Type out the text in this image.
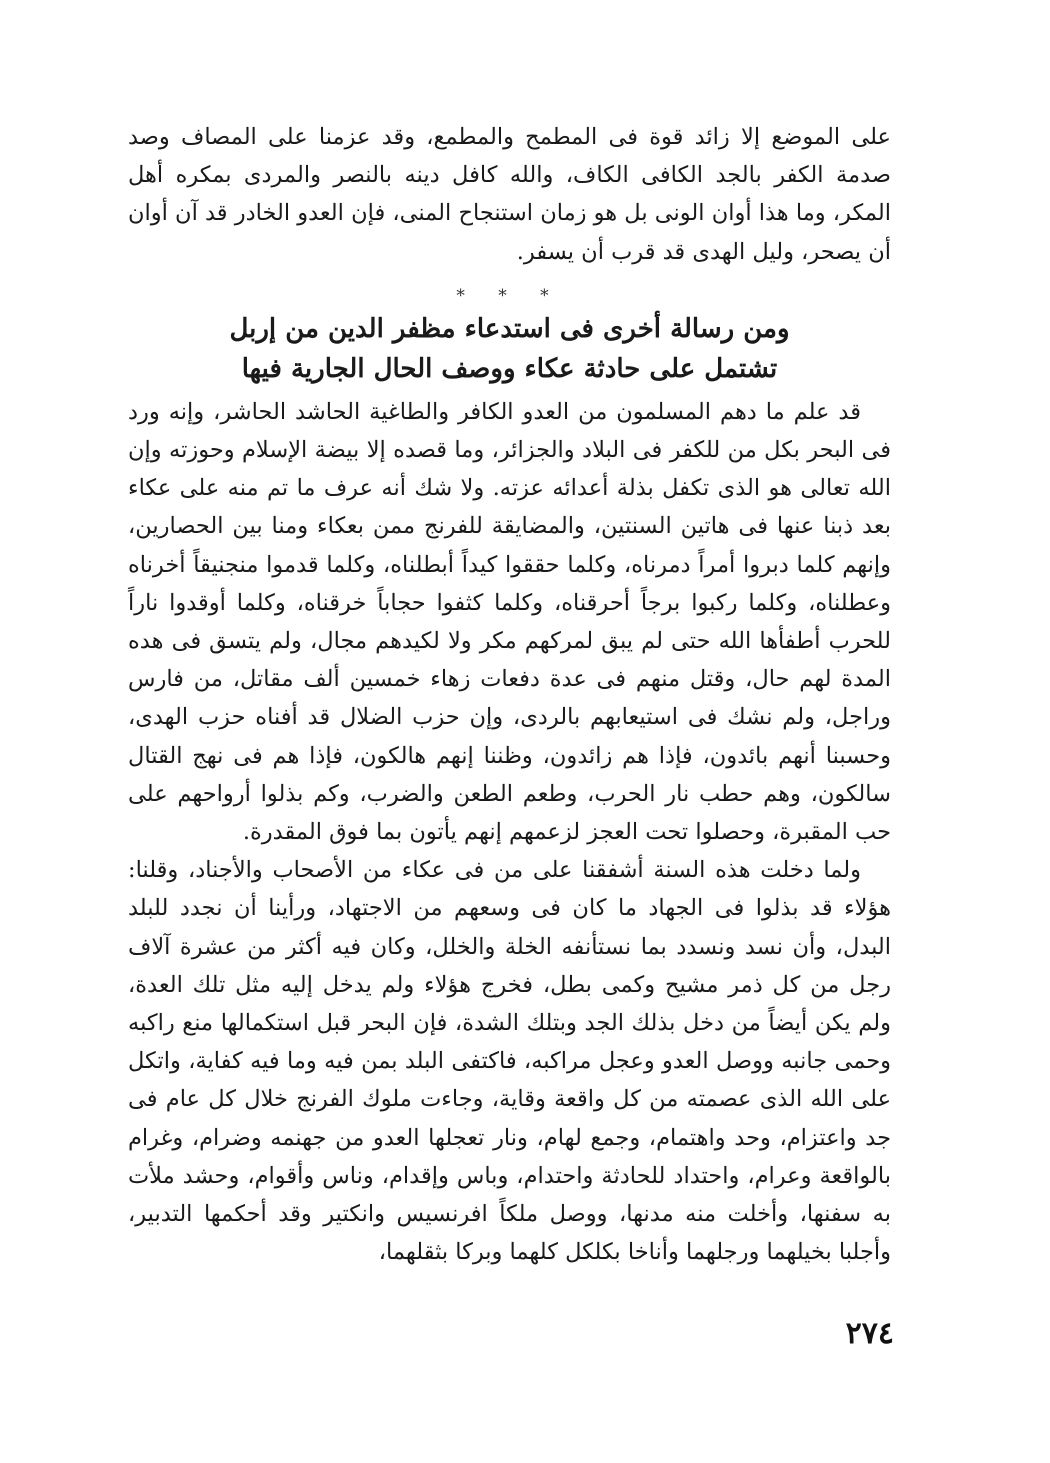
على الموضع إلا زائد قوة فى المطمح والمطمع، وقد عزمنا على المصاف وصد صدمة الكفر بالجد الكافى الكاف، والله كافل دينه بالنصر والمردى بمكره أهل المكر، وما هذا أوان الونى بل هو زمان استنجاح المنى، فإن العدو الخادر قد آن أوان أن يصحر، وليل الهدى قد قرب أن يسفر.

* * *
ومن رسالة أخرى فى استدعاء مظفر الدين من إربل
تشتمل على حادثة عكاء ووصف الحال الجارية فيها

قد علم ما دهم المسلمون من العدو الكافر والطاغية الحاشد الحاشر، وإنه ورد فى البحر بكل من للكفر فى البلاد والجزائر، وما قصده إلا بيضة الإسلام وحوزته وإن الله تعالى هو الذى تكفل بذلة أعدائه عزته. ولا شك أنه عرف ما تم منه على عكاء بعد ذبنا عنها فى هاتين السنتين، والمضايقة للفرنج ممن بعكاء ومنا بين الحصارين، وإنهم كلما دبروا أمراً دمرناه، وكلما حققوا كيداً أبطلناه، وكلما قدموا منجنيقاً أخرناه وعطلناه، وكلما ركبوا برجاً أحرقناه، وكلما كثفوا حجاباً خرقناه، وكلما أوقدوا ناراً للحرب أطفأها الله حتى لم يبق لمركهم مكر ولا لكيدهم مجال، ولم يتسق فى هده المدة لهم حال، وقتل منهم فى عدة دفعات زهاء خمسين ألف مقاتل، من فارس وراجل، ولم نشك فى استيعابهم بالردى، وإن حزب الضلال قد أفناه حزب الهدى، وحسبنا أنهم بائدون، فإذا هم زائدون، وظننا إنهم هالكون، فإذا هم فى نهج القتال سالكون، وهم حطب نار الحرب، وطعم الطعن والضرب، وكم بذلوا أرواحهم على حب المقبرة، وحصلوا تحت العجز لزعمهم إنهم يأتون بما فوق المقدرة.

ولما دخلت هذه السنة أشفقنا على من فى عكاء من الأصحاب والأجناد، وقلنا: هؤلاء قد بذلوا فى الجهاد ما كان فى وسعهم من الاجتهاد، ورأينا أن نجدد للبلد البدل، وأن نسد ونسدد بما نستأنفه الخلة والخلل، وكان فيه أكثر من عشرة آلاف رجل من كل ذمر مشيح وكمى بطل، فخرج هؤلاء ولم يدخل إليه مثل تلك العدة، ولم يكن أيضاً من دخل بذلك الجد وبتلك الشدة، فإن البحر قبل استكمالها منع راكبه وحمى جانبه ووصل العدو وعجل مراكبه، فاكتفى البلد بمن فيه وما فيه كفاية، واتكل على الله الذى عصمته من كل واقعة وقاية، وجاءت ملوك الفرنج خلال كل عام فى جد واعتزام، وحد واهتمام، وجمع لهام، ونار تعجلها العدو من جهنمه وضرام، وغرام بالواقعة وعرام، واحتداد للحادثة واحتدام، وباس وإقدام، وناس وأقوام، وحشد ملأت به سفنها، وأخلت منه مدنها، ووصل ملكاً افرنسيس وانكتير وقد أحكمها التدبير، وأجلبا بخيلهما ورجلهما وأناخا بكلكل كلهما وبركا بثقلهما،

٢٧٤
